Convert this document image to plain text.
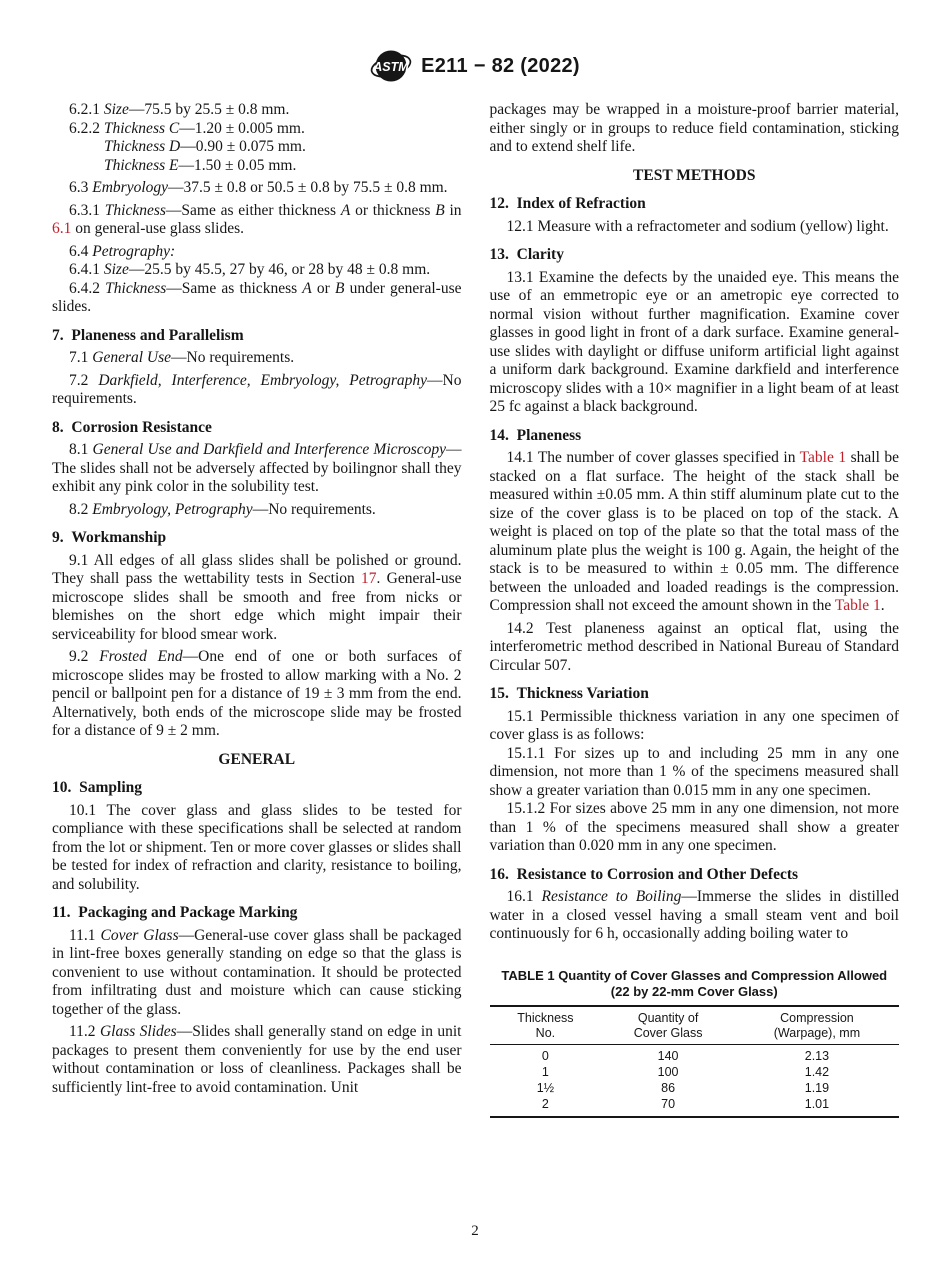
ASTM E211 − 82 (2022)
6.2.1 Size—75.5 by 25.5 ± 0.8 mm.
6.2.2 Thickness C—1.20 ± 0.005 mm.
Thickness D—0.90 ± 0.075 mm.
Thickness E—1.50 ± 0.05 mm.
6.3 Embryology—37.5 ± 0.8 or 50.5 ± 0.8 by 75.5 ± 0.8 mm.
6.3.1 Thickness—Same as either thickness A or thickness B in 6.1 on general-use glass slides.
6.4 Petrography:
6.4.1 Size—25.5 by 45.5, 27 by 46, or 28 by 48 ± 0.8 mm.
6.4.2 Thickness—Same as thickness A or B under general-use slides.
7. Planeness and Parallelism
7.1 General Use—No requirements.
7.2 Darkfield, Interference, Embryology, Petrography—No requirements.
8. Corrosion Resistance
8.1 General Use and Darkfield and Interference Microscopy—The slides shall not be adversely affected by boilingnor shall they exhibit any pink color in the solubility test.
8.2 Embryology, Petrography—No requirements.
9. Workmanship
9.1 All edges of all glass slides shall be polished or ground. They shall pass the wettability tests in Section 17. General-use microscope slides shall be smooth and free from nicks or blemishes on the short edge which might impair their serviceability for blood smear work.
9.2 Frosted End—One end of one or both surfaces of microscope slides may be frosted to allow marking with a No. 2 pencil or ballpoint pen for a distance of 19 ± 3 mm from the end. Alternatively, both ends of the microscope slide may be frosted for a distance of 9 ± 2 mm.
GENERAL
10. Sampling
10.1 The cover glass and glass slides to be tested for compliance with these specifications shall be selected at random from the lot or shipment. Ten or more cover glasses or slides shall be tested for index of refraction and clarity, resistance to boiling, and solubility.
11. Packaging and Package Marking
11.1 Cover Glass—General-use cover glass shall be packaged in lint-free boxes generally standing on edge so that the glass is convenient to use without contamination. It should be protected from infiltrating dust and moisture which can cause sticking together of the glass.
11.2 Glass Slides—Slides shall generally stand on edge in unit packages to present them conveniently for use by the end user without contamination or loss of cleanliness. Packages shall be sufficiently lint-free to avoid contamination. Unit
packages may be wrapped in a moisture-proof barrier material, either singly or in groups to reduce field contamination, sticking and to extend shelf life.
TEST METHODS
12. Index of Refraction
12.1 Measure with a refractometer and sodium (yellow) light.
13. Clarity
13.1 Examine the defects by the unaided eye. This means the use of an emmetropic eye or an ametropic eye corrected to normal vision without further magnification. Examine cover glasses in good light in front of a dark surface. Examine general-use slides with daylight or diffuse uniform artificial light against a uniform dark background. Examine darkfield and interference microscopy slides with a 10× magnifier in a light beam of at least 25 fc against a black background.
14. Planeness
14.1 The number of cover glasses specified in Table 1 shall be stacked on a flat surface. The height of the stack shall be measured within ±0.05 mm. A thin stiff aluminum plate cut to the size of the cover glass is to be placed on top of the stack. A weight is placed on top of the plate so that the total mass of the aluminum plate plus the weight is 100 g. Again, the height of the stack is to be measured to within ± 0.05 mm. The difference between the unloaded and loaded readings is the compression. Compression shall not exceed the amount shown in the Table 1.
14.2 Test planeness against an optical flat, using the interferometric method described in National Bureau of Standard Circular 507.
15. Thickness Variation
15.1 Permissible thickness variation in any one specimen of cover glass is as follows:
15.1.1 For sizes up to and including 25 mm in any one dimension, not more than 1 % of the specimens measured shall show a greater variation than 0.015 mm in any one specimen.
15.1.2 For sizes above 25 mm in any one dimension, not more than 1 % of the specimens measured shall show a greater variation than 0.020 mm in any one specimen.
16. Resistance to Corrosion and Other Defects
16.1 Resistance to Boiling—Immerse the slides in distilled water in a closed vessel having a small steam vent and boil continuously for 6 h, occasionally adding boiling water to
TABLE 1 Quantity of Cover Glasses and Compression Allowed
(22 by 22-mm Cover Glass)
Thickness
No.

Quantity of
Cover Glass

Compression
(Warpage), mm

0	140	2.13
1	100	1.42
1½	86	1.19
2	70	1.01
2
